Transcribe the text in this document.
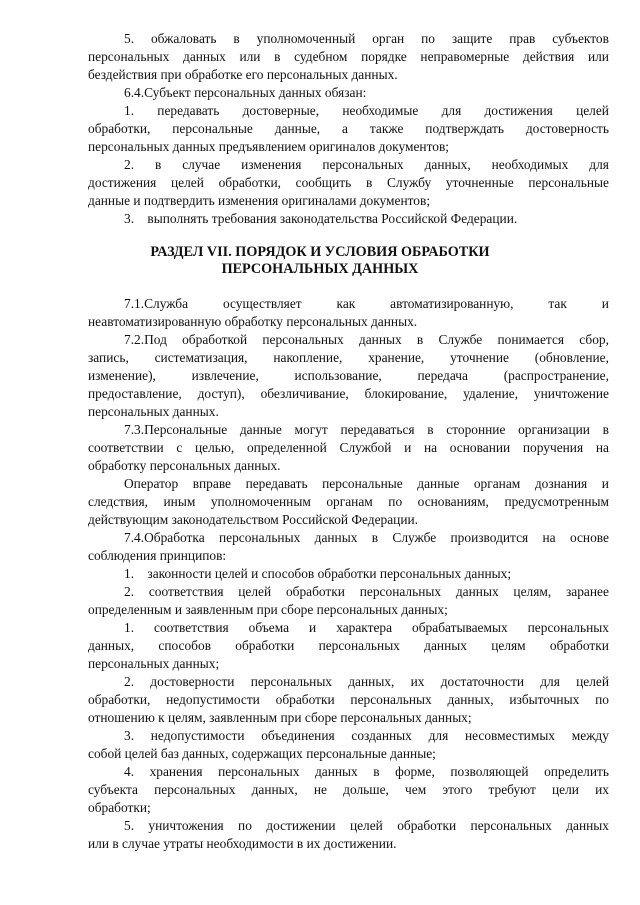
5. обжаловать в уполномоченный орган по защите прав субъектов
персональных данных или в судебном порядке неправомерные действия или
бездействия при обработке его персональных данных.
6.4.Субъект персональных данных обязан:
1. передавать достоверные, необходимые для достижения целей
обработки, персональные данные, а также подтверждать достоверность
персональных данных предъявлением оригиналов документов;
2. в случае изменения персональных данных, необходимых для
достижения целей обработки, сообщить в Службу уточненные персональные
данные и подтвердить изменения оригиналами документов;
3.    выполнять требования законодательства Российской Федерации.
РАЗДЕЛ VII. ПОРЯДОК И УСЛОВИЯ ОБРАБОТКИ
ПЕРСОНАЛЬНЫХ ДАННЫХ
7.1.Служба	осуществляет	как	автоматизированную,	так	и
неавтоматизированную обработку персональных данных.
7.2.Под обработкой персональных данных в Службе понимается сбор,
запись, систематизация, накопление, хранение, уточнение (обновление,
изменение),	извлечение,	использование,	передача	(распространение,
предоставление, доступ), обезличивание, блокирование, удаление, уничтожение
персональных данных.
7.3.Персональные данные могут передаваться в сторонние организации в
соответствии с целью, определенной Службой и на основании поручения на
обработку персональных данных.
Оператор вправе передавать персональные данные органам дознания и
следствия, иным уполномоченным органам по основаниям, предусмотренным
действующим законодательством Российской Федерации.
7.4.Обработка персональных данных в Службе производится на основе
соблюдения принципов:
1.    законности целей и способов обработки персональных данных;
2. соответствия целей обработки персональных данных целям, заранее
определенным и заявленным при сборе персональных данных;
1. соответствия объема и характера обрабатываемых персональных
данных, способов обработки персональных данных целям обработки
персональных данных;
2. достоверности персональных данных, их достаточности для целей
обработки, недопустимости обработки персональных данных, избыточных по
отношению к целям, заявленным при сборе персональных данных;
3. недопустимости объединения созданных для несовместимых между
собой целей баз данных, содержащих персональные данные;
4. хранения персональных данных в форме, позволяющей определить
субъекта персональных данных, не дольше, чем этого требуют цели их
обработки;
5. уничтожения по достижении целей обработки персональных данных
или в случае утраты необходимости в их достижении.
